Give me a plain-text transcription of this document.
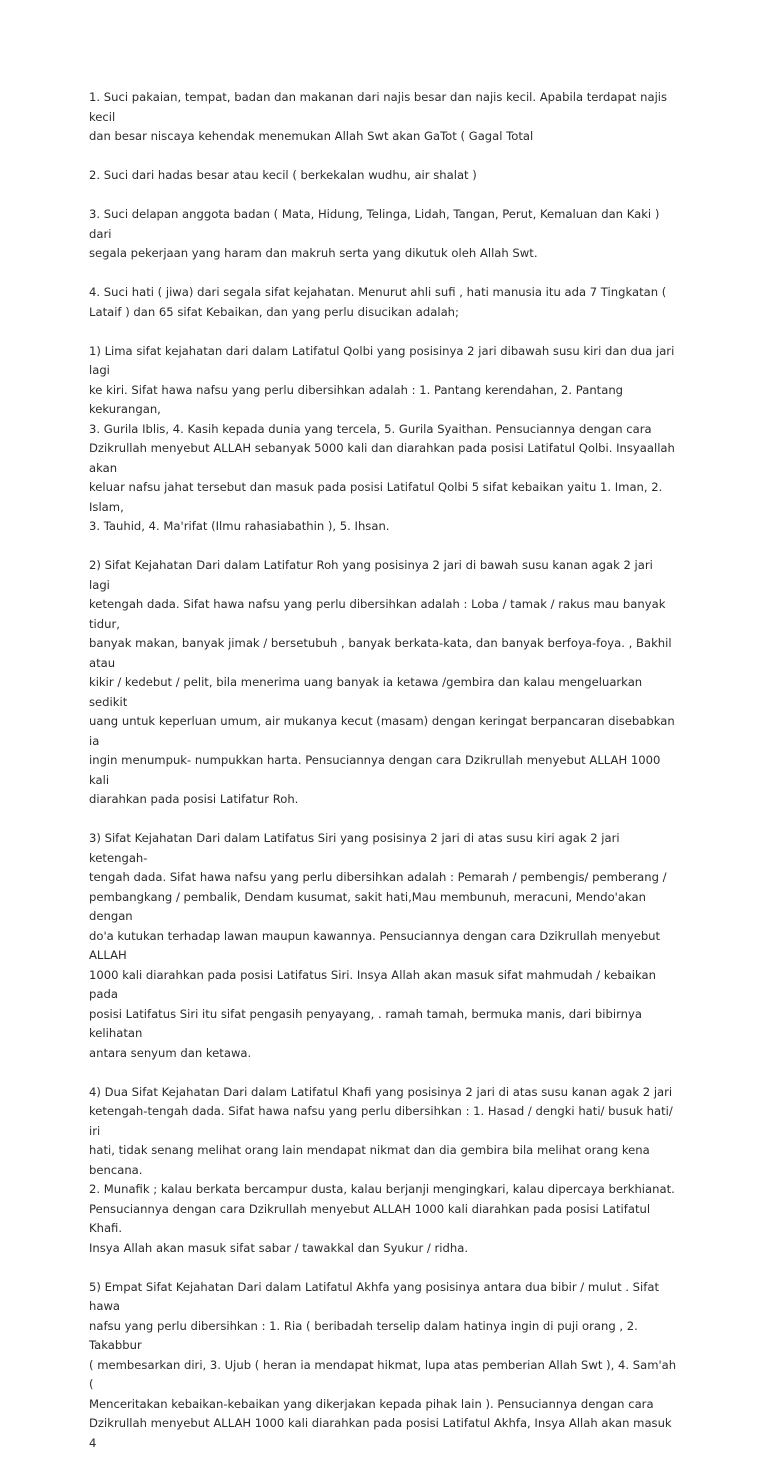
1. Suci pakaian, tempat, badan dan makanan dari najis besar dan najis kecil. Apabila terdapat najis kecil
dan besar niscaya kehendak menemukan Allah Swt akan GaTot ( Gagal Total

2. Suci dari hadas besar atau kecil ( berkekalan wudhu, air shalat )

3. Suci delapan anggota badan ( Mata, Hidung, Telinga, Lidah, Tangan, Perut, Kemaluan dan Kaki ) dari
segala pekerjaan yang haram dan makruh serta yang dikutuk oleh Allah Swt.

4. Suci hati ( jiwa) dari segala sifat kejahatan. Menurut ahli sufi , hati manusia itu ada 7 Tingkatan (
Lataif ) dan 65 sifat Kebaikan, dan yang perlu disucikan adalah;

1) Lima sifat kejahatan dari dalam Latifatul Qolbi yang posisinya 2 jari dibawah susu kiri dan dua jari lagi
ke kiri. Sifat hawa nafsu yang perlu dibersihkan adalah : 1. Pantang kerendahan, 2. Pantang kekurangan,
3. Gurila Iblis, 4. Kasih kepada dunia yang tercela, 5. Gurila Syaithan. Pensuciannya dengan cara
Dzikrullah menyebut ALLAH sebanyak 5000 kali dan diarahkan pada posisi Latifatul Qolbi. Insyaallah akan
keluar nafsu jahat tersebut dan masuk pada posisi Latifatul Qolbi 5 sifat kebaikan yaitu 1. Iman, 2. Islam,
3. Tauhid, 4. Ma'rifat (Ilmu rahasiabathin ), 5. Ihsan.

2) Sifat Kejahatan Dari dalam Latifatur Roh yang posisinya 2 jari di bawah susu kanan agak 2 jari lagi
ketengah dada. Sifat hawa nafsu yang perlu dibersihkan adalah : Loba / tamak / rakus mau banyak tidur,
banyak makan, banyak jimak / bersetubuh , banyak berkata-kata, dan banyak berfoya-foya. , Bakhil atau
kikir / kedebut / pelit, bila menerima uang banyak ia ketawa /gembira dan kalau mengeluarkan sedikit
uang untuk keperluan umum, air mukanya kecut (masam) dengan keringat berpancaran disebabkan ia
ingin menumpuk- numpukkan harta. Pensuciannya dengan cara Dzikrullah menyebut ALLAH 1000 kali
diarahkan pada posisi Latifatur Roh.

3) Sifat Kejahatan Dari dalam Latifatus Siri yang posisinya 2 jari di atas susu kiri agak 2 jari ketengah-
tengah dada. Sifat hawa nafsu yang perlu dibersihkan adalah : Pemarah / pembengis/ pemberang /
pembangkang / pembalik, Dendam kusumat, sakit hati,Mau membunuh, meracuni, Mendo'akan dengan
do'a kutukan terhadap lawan maupun kawannya. Pensuciannya dengan cara Dzikrullah menyebut ALLAH
1000 kali diarahkan pada posisi Latifatus Siri. Insya Allah akan masuk sifat mahmudah / kebaikan pada
posisi Latifatus Siri itu sifat pengasih penyayang, . ramah tamah, bermuka manis, dari bibirnya kelihatan
antara senyum dan ketawa.

4) Dua Sifat Kejahatan Dari dalam Latifatul Khafi yang posisinya 2 jari di atas susu kanan agak 2 jari
ketengah-tengah dada. Sifat hawa nafsu yang perlu dibersihkan : 1. Hasad / dengki hati/ busuk hati/ iri
hati, tidak senang melihat orang lain mendapat nikmat dan dia gembira bila melihat orang kena bencana.
2. Munafik ; kalau berkata bercampur dusta, kalau berjanji mengingkari, kalau dipercaya berkhianat.
Pensuciannya dengan cara Dzikrullah menyebut ALLAH 1000 kali diarahkan pada posisi Latifatul Khafi.
Insya Allah akan masuk sifat sabar / tawakkal dan Syukur / ridha.

5) Empat Sifat Kejahatan Dari dalam Latifatul Akhfa yang posisinya antara dua bibir / mulut . Sifat hawa
nafsu yang perlu dibersihkan : 1. Ria ( beribadah terselip dalam hatinya ingin di puji orang , 2. Takabbur
( membesarkan diri, 3. Ujub ( heran ia mendapat hikmat, lupa atas pemberian Allah Swt ), 4. Sam'ah (
Menceritakan kebaikan-kebaikan yang dikerjakan kepada pihak lain ). Pensuciannya dengan cara
Dzikrullah menyebut ALLAH 1000 kali diarahkan pada posisi Latifatul Akhfa, Insya Allah akan masuk 4
